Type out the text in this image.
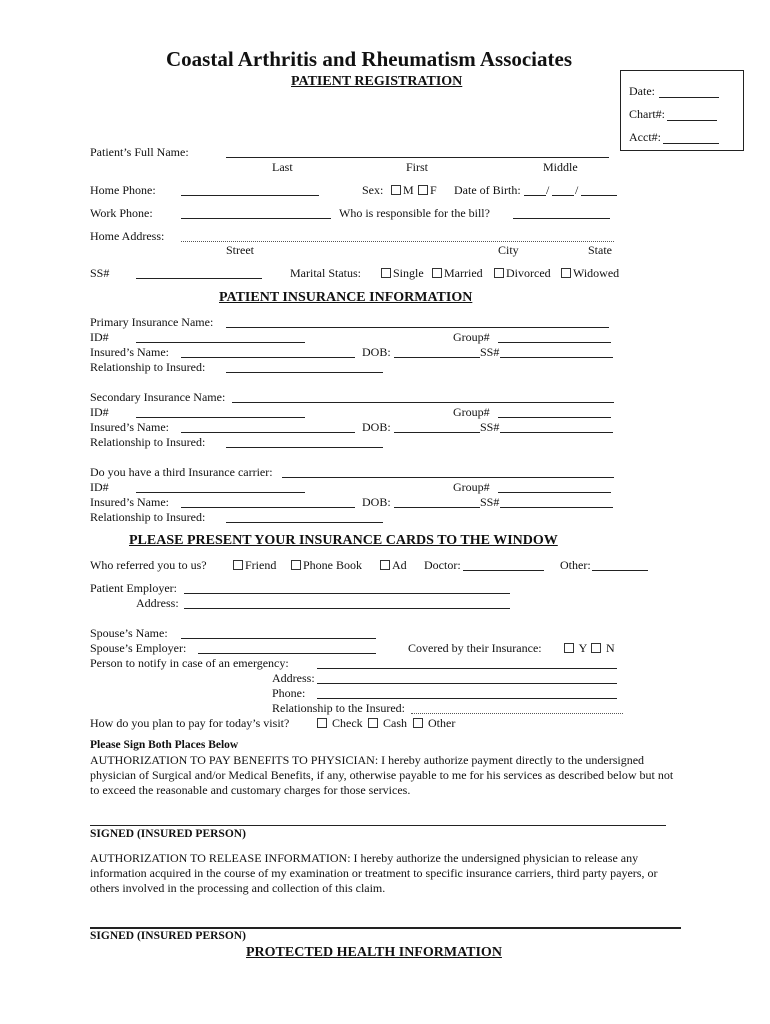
Coastal Arthritis and Rheumatism Associates
PATIENT REGISTRATION
Date:
Chart#:
Acct#:
Patient’s Full Name:
Last	First	Middle
Home Phone:	Sex:	M	F Date of Birth: / /
Work Phone:	Who is responsible for the bill?
Home Address:
Street	City	State
SS#	Marital Status:	Single	Married	Divorced	Widowed
PATIENT INSURANCE INFORMATION
Primary Insurance Name:
ID#	Group#
Insured’s Name:	DOB:	SS#
Relationship to Insured:
Secondary Insurance Name:
ID#	Group#
Insured’s Name:	DOB:	SS#
Relationship to Insured:
Do you have a third Insurance carrier:
ID#	Group#
Insured’s Name:	DOB:	SS#
Relationship to Insured:
PLEASE PRESENT YOUR INSURANCE CARDS TO THE WINDOW
Who referred you to us?	Friend	Phone Book	Ad Doctor:	Other:
Patient Employer:
Address:
Spouse’s Name:
Spouse’s Employer:	Covered by their Insurance:	Y	N
Person to notify in case of an emergency:
Address:
Phone:
Relationship to the Insured:
How do you plan to pay for today’s visit?	Check	Cash	Other
Please Sign Both Places Below
AUTHORIZATION TO PAY BENEFITS TO PHYSICIAN: I hereby authorize payment directly to the undersigned physician of Surgical and/or Medical Benefits, if any, otherwise payable to me for his services as described below but not to exceed the reasonable and customary charges for those services.
SIGNED (INSURED PERSON)
AUTHORIZATION TO RELEASE INFORMATION: I hereby authorize the undersigned physician to release any information acquired in the course of my examination or treatment to specific insurance carriers, third party payers, or others involved in the processing and collection of this claim.
SIGNED (INSURED PERSON)
PROTECTED HEALTH INFORMATION
